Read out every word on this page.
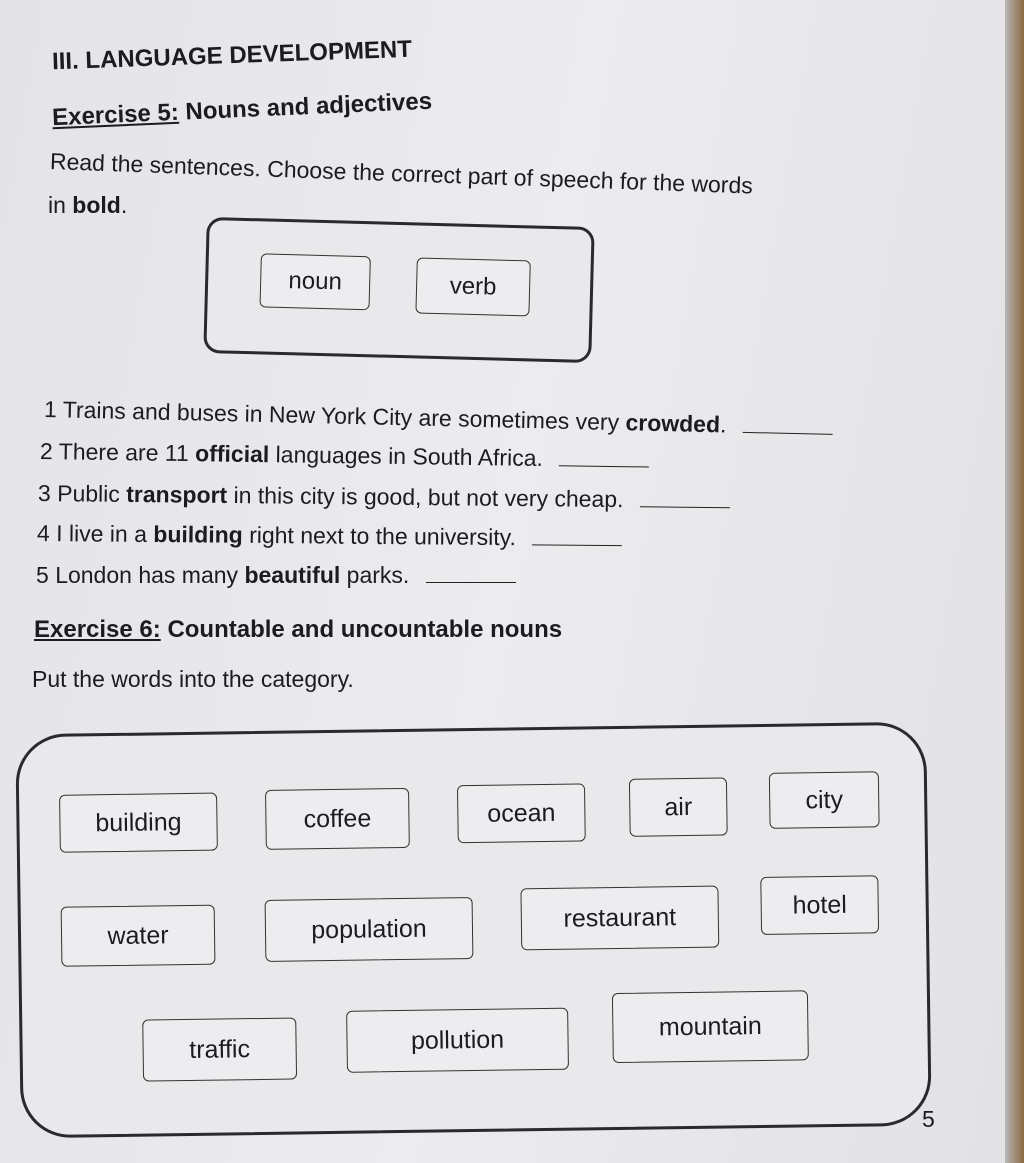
III. LANGUAGE DEVELOPMENT
Exercise 5: Nouns and adjectives
Read the sentences. Choose the correct part of speech for the words
in bold.
noun	verb
1 Trains and buses in New York City are sometimes very crowded.
2 There are 11 official languages in South Africa.
3 Public transport in this city is good, but not very cheap.
4 I live in a building right next to the university.
5 London has many beautiful parks.
Exercise 6: Countable and uncountable nouns
Put the words into the category.
building	coffee	ocean	air	city
water	population	restaurant	hotel
traffic	pollution	mountain
5
